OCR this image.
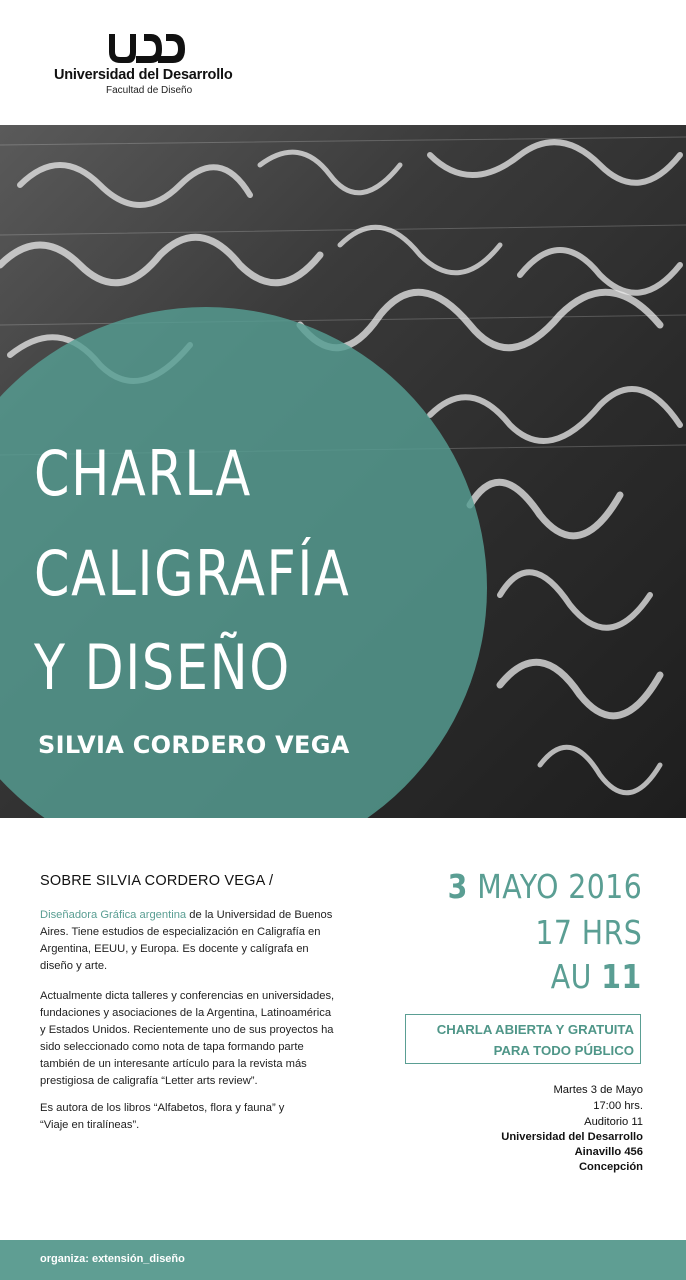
Universidad del Desarrollo
Facultad de Diseño
CHARLA
CALIGRAFÍA
Y DISEÑO
SILVIA CORDERO VEGA
SOBRE SILVIA CORDERO VEGA /
Diseñadora Gráfica argentina de la Universidad de Buenos
Aires. Tiene estudios de especialización en Caligrafía en
Argentina, EEUU, y Europa. Es docente y calígrafa en
diseño y arte.
Actualmente dicta talleres y conferencias en universidades,
fundaciones y asociaciones de la Argentina, Latinoamérica
y Estados Unidos. Recientemente uno de sus proyectos ha
sido seleccionado como nota de tapa formando parte
también de un interesante artículo para la revista más
prestigiosa de caligrafía “Letter arts review”.
Es autora de los libros “Alfabetos, flora y fauna” y
“Viaje en tiralíneas”.
3 MAYO 2016
17 HRS
AU 11
CHARLA ABIERTA Y GRATUITA
PARA TODO PÚBLICO
Martes 3 de Mayo
17:00 hrs.
Auditorio 11
Universidad del Desarrollo
Ainavillo 456
Concepción
organiza: extensión_diseño
